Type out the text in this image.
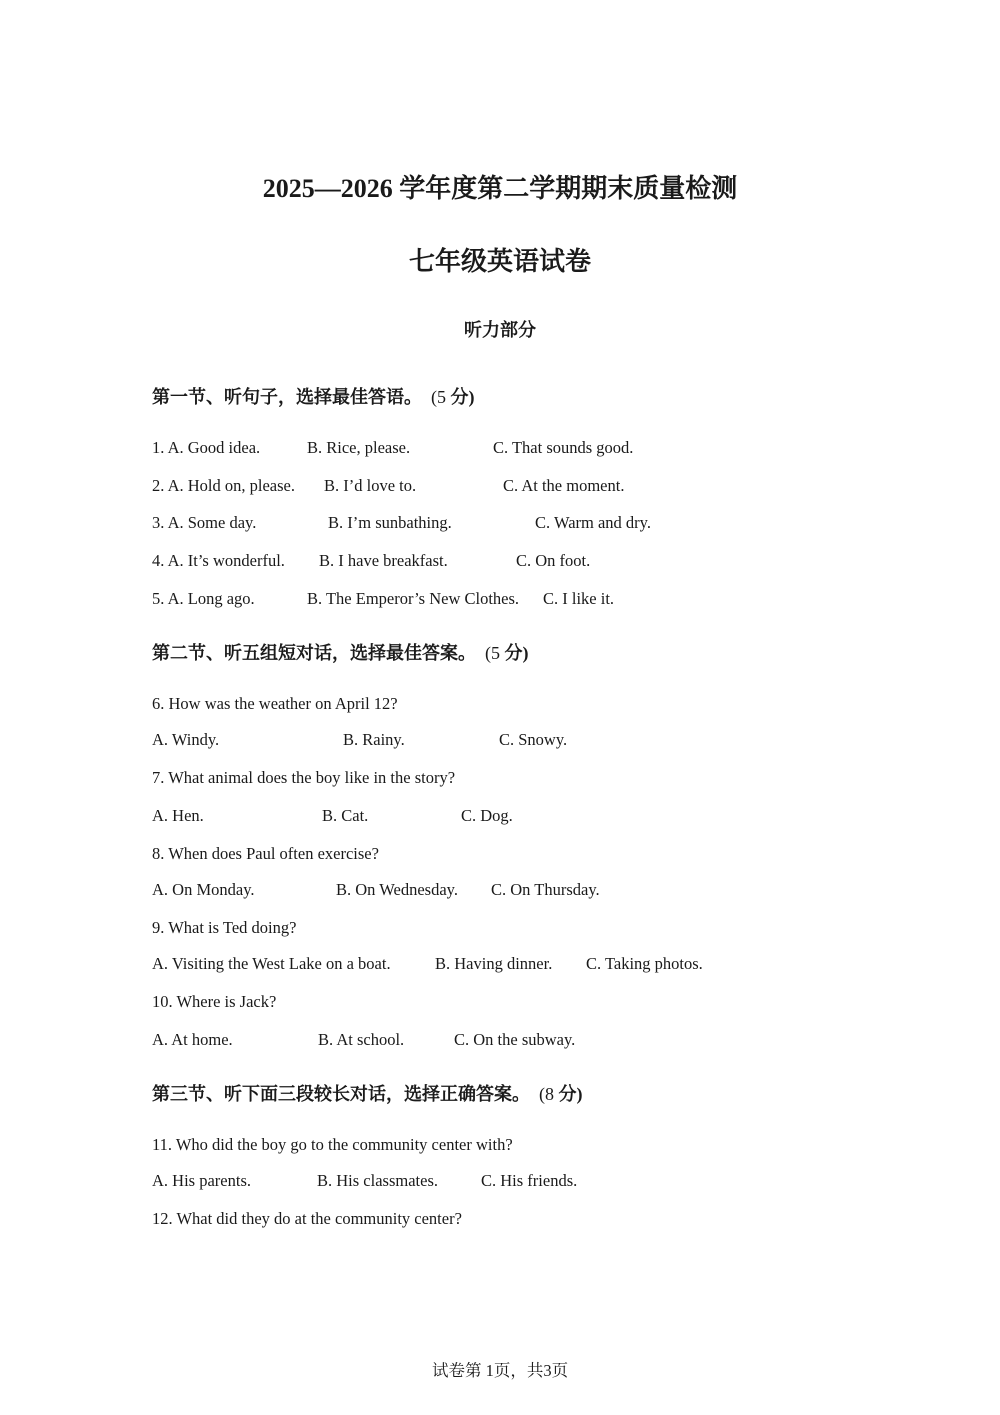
2025—2026 学年度第二学期期末质量检测
七年级英语试卷
听力部分
第一节、听句子，选择最佳答语。 (5 分)
1. A. Good idea.	B. Rice, please.	C. That sounds good.
2. A. Hold on, please. B. I’d love to.	C. At the moment.
3. A. Some day.	B. I’m sunbathing.	C. Warm and dry.
4. A. It’s wonderful. B. I have breakfast.	C. On foot.
5. A. Long ago.	B. The Emperor’s New Clothes. C. I like it.
第二节、听五组短对话，选择最佳答案。 (5 分)
6. How was the weather on April 12?
A. Windy.	B. Rainy.	C. Snowy.
7. What animal does the boy like in the story?
A. Hen.	B. Cat.	C. Dog.
8. When does Paul often exercise?
A. On Monday.	B. On Wednesday. C. On Thursday.
9. What is Ted doing?
A. Visiting the West Lake on a boat.	B. Having dinner. C. Taking photos.
10. Where is Jack?
A. At home.	B. At school.	C. On the subway.
第三节、听下面三段较长对话，选择正确答案。 (8 分)
11. Who did the boy go to the community center with?
A. His parents.	B. His classmates.	C. His friends.
12. What did they do at the community center?
试卷第 1页，共3页
